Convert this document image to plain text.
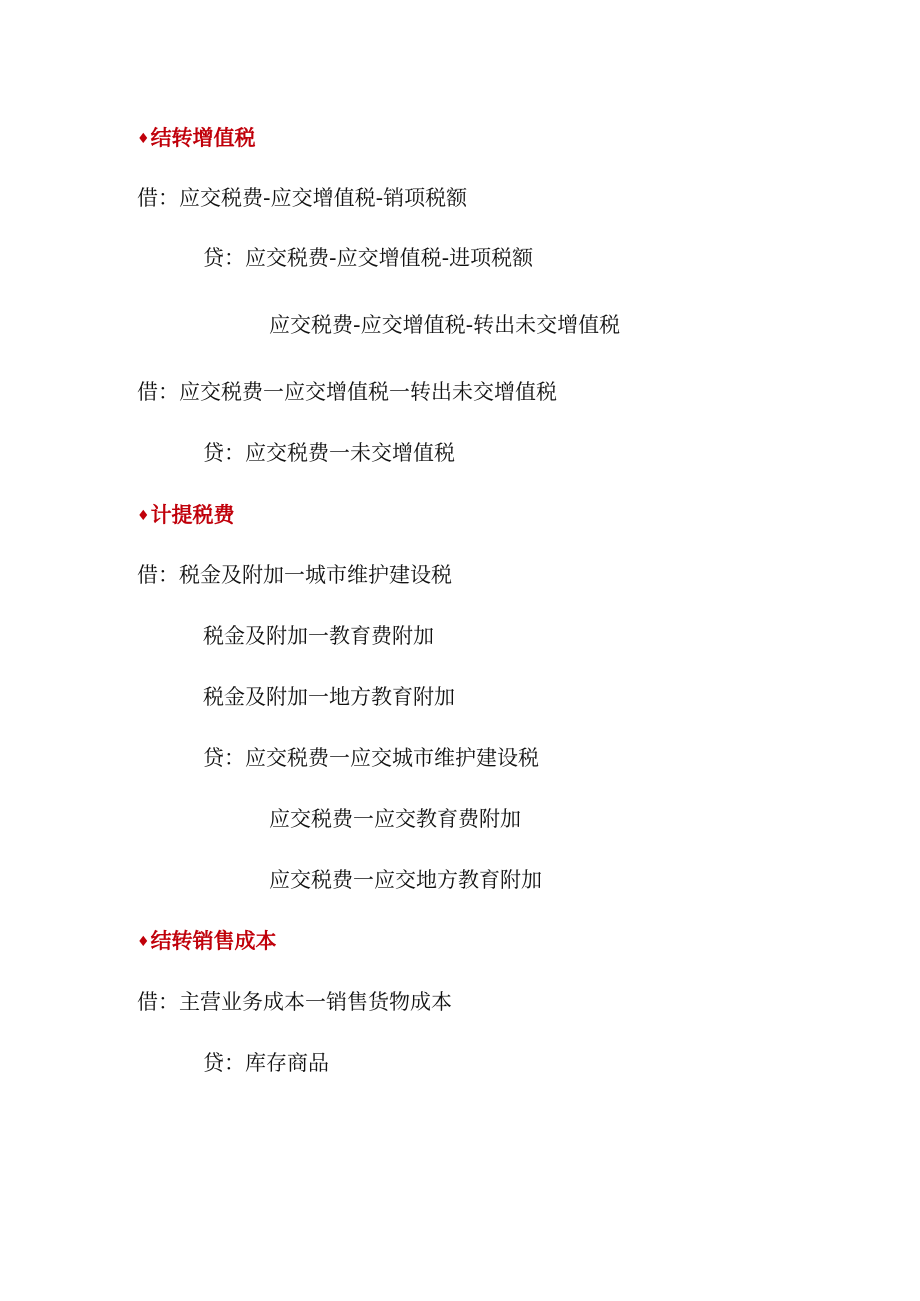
♦结转增值税
借：应交税费-应交增值税-销项税额
贷：应交税费-应交增值税-进项税额
应交税费-应交增值税-转出未交增值税
借：应交税费一应交增值税一转出未交增值税
贷：应交税费一未交增值税
♦计提税费
借：税金及附加一城市维护建设税
税金及附加一教育费附加
税金及附加一地方教育附加
贷：应交税费一应交城市维护建设税
应交税费一应交教育费附加
应交税费一应交地方教育附加
♦结转销售成本
借：主营业务成本一销售货物成本
贷：库存商品
